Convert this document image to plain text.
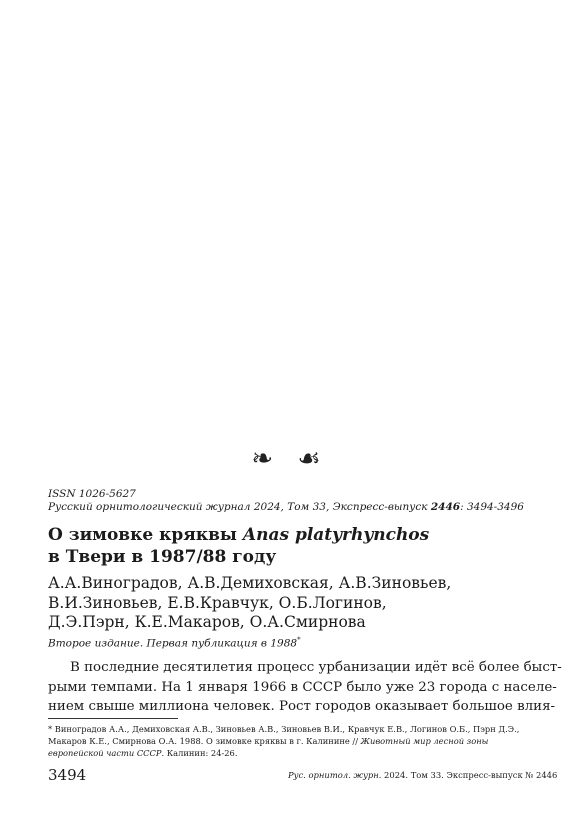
❧ ☙
ISSN 1026-5627
Русский орнитологический журнал 2024, Том 33, Экспресс-выпуск 2446: 3494-3496
О зимовке кряквы Anas platyrhynchos
в Твери в 1987/88 году
А.А.Виноградов, А.В.Демиховская, А.В.Зиновьев,
В.И.Зиновьев, Е.В.Кравчук, О.Б.Логинов,
Д.Э.Пэрн, К.Е.Макаров, О.А.Смирнова
Второе издание. Первая публикация в 1988*
В последние десятилетия процесс урбанизации идёт всё более быст-
рыми темпами. На 1 января 1966 в СССР было уже 23 города с населе-
нием свыше миллиона человек. Рост городов оказывает большое влия-
* Виноградов А.А., Демиховская А.В., Зиновьев А.В., Зиновьев В.И., Кравчук Е.В., Логинов О.Б., Пэрн Д.Э.,
Макаров К.Е., Смирнова О.А. 1988. О зимовке кряквы в г. Калинине // Животный мир лесной зоны
европейской части СССР. Калинин: 24-26.
3494	Рус. орнитол. журн. 2024. Том 33. Экспресс-выпуск № 2446
